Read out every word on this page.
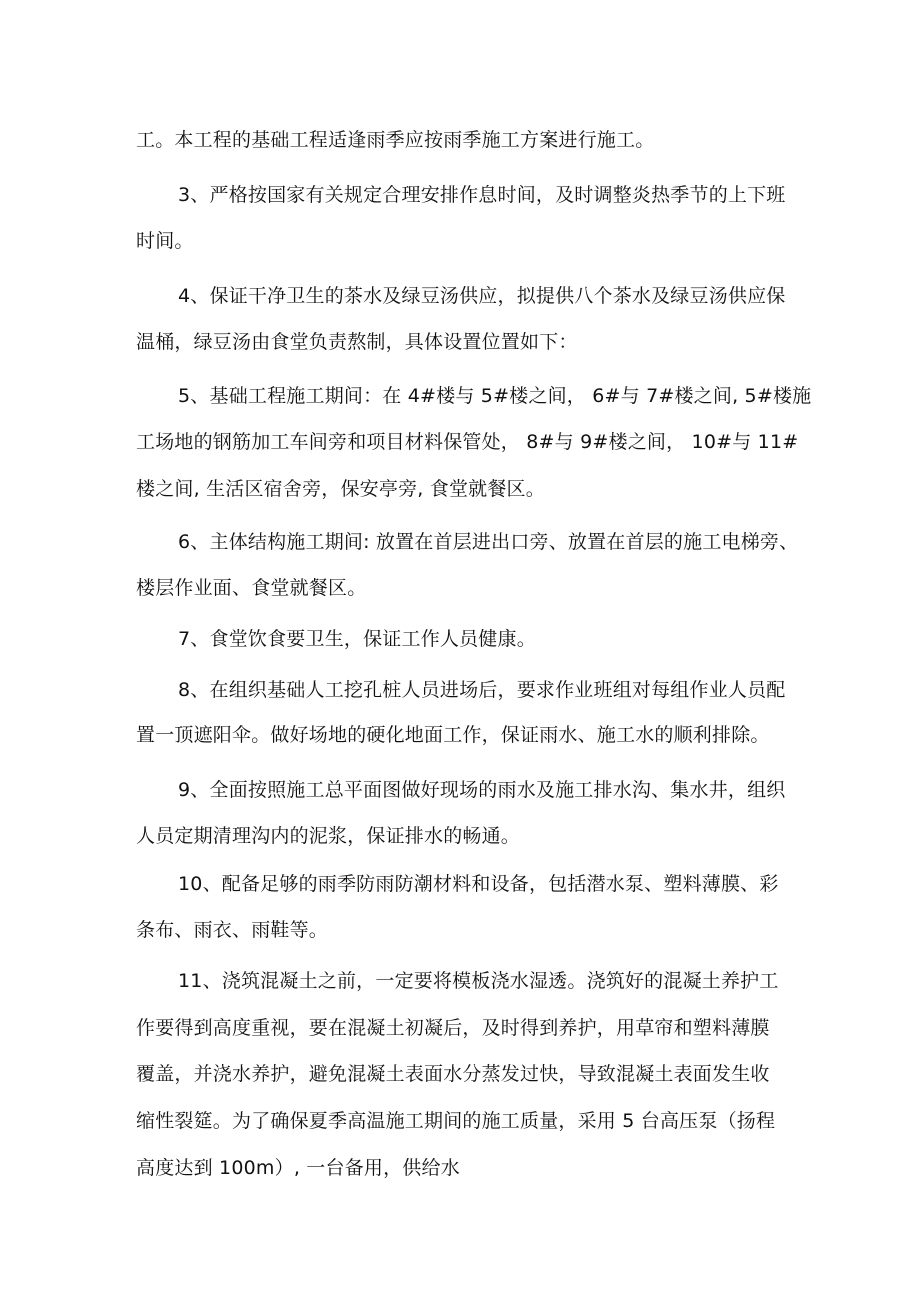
工。本工程的基础工程适逢雨季应按雨季施工方案进行施工。
3、严格按国家有关规定合理安排作息时间，及时调整炎热季节的上下班
时间。
4、保证干净卫生的茶水及绿豆汤供应，拟提供八个茶水及绿豆汤供应保
温桶，绿豆汤由食堂负责熬制，具体设置位置如下：
5、基础工程施工期间：在 4#楼与 5#楼之间， 6#与 7#楼之间, 5#楼施
工场地的钢筋加工车间旁和项目材料保管处， 8#与 9#楼之间， 10#与 11#
楼之间, 生活区宿舍旁，保安亭旁, 食堂就餐区。
6、主体结构施工期间: 放置在首层进出口旁、放置在首层的施工电梯旁、
楼层作业面、食堂就餐区。
7、食堂饮食要卫生，保证工作人员健康。
8、在组织基础人工挖孔桩人员进场后，要求作业班组对每组作业人员配
置一顶遮阳伞。做好场地的硬化地面工作，保证雨水、施工水的顺利排除。
9、全面按照施工总平面图做好现场的雨水及施工排水沟、集水井，组织
人员定期清理沟内的泥浆，保证排水的畅通。
10、配备足够的雨季防雨防潮材料和设备，包括潜水泵、塑料薄膜、彩
条布、雨衣、雨鞋等。
11、浇筑混凝土之前，一定要将模板浇水湿透。浇筑好的混凝土养护工
作要得到高度重视，要在混凝土初凝后，及时得到养护，用草帘和塑料薄膜
覆盖，并浇水养护，避免混凝土表面水分蒸发过快，导致混凝土表面发生收
缩性裂筵。为了确保夏季高温施工期间的施工质量，采用 5 台高压泵（扬程
高度达到 100m）, 一台备用，供给水
